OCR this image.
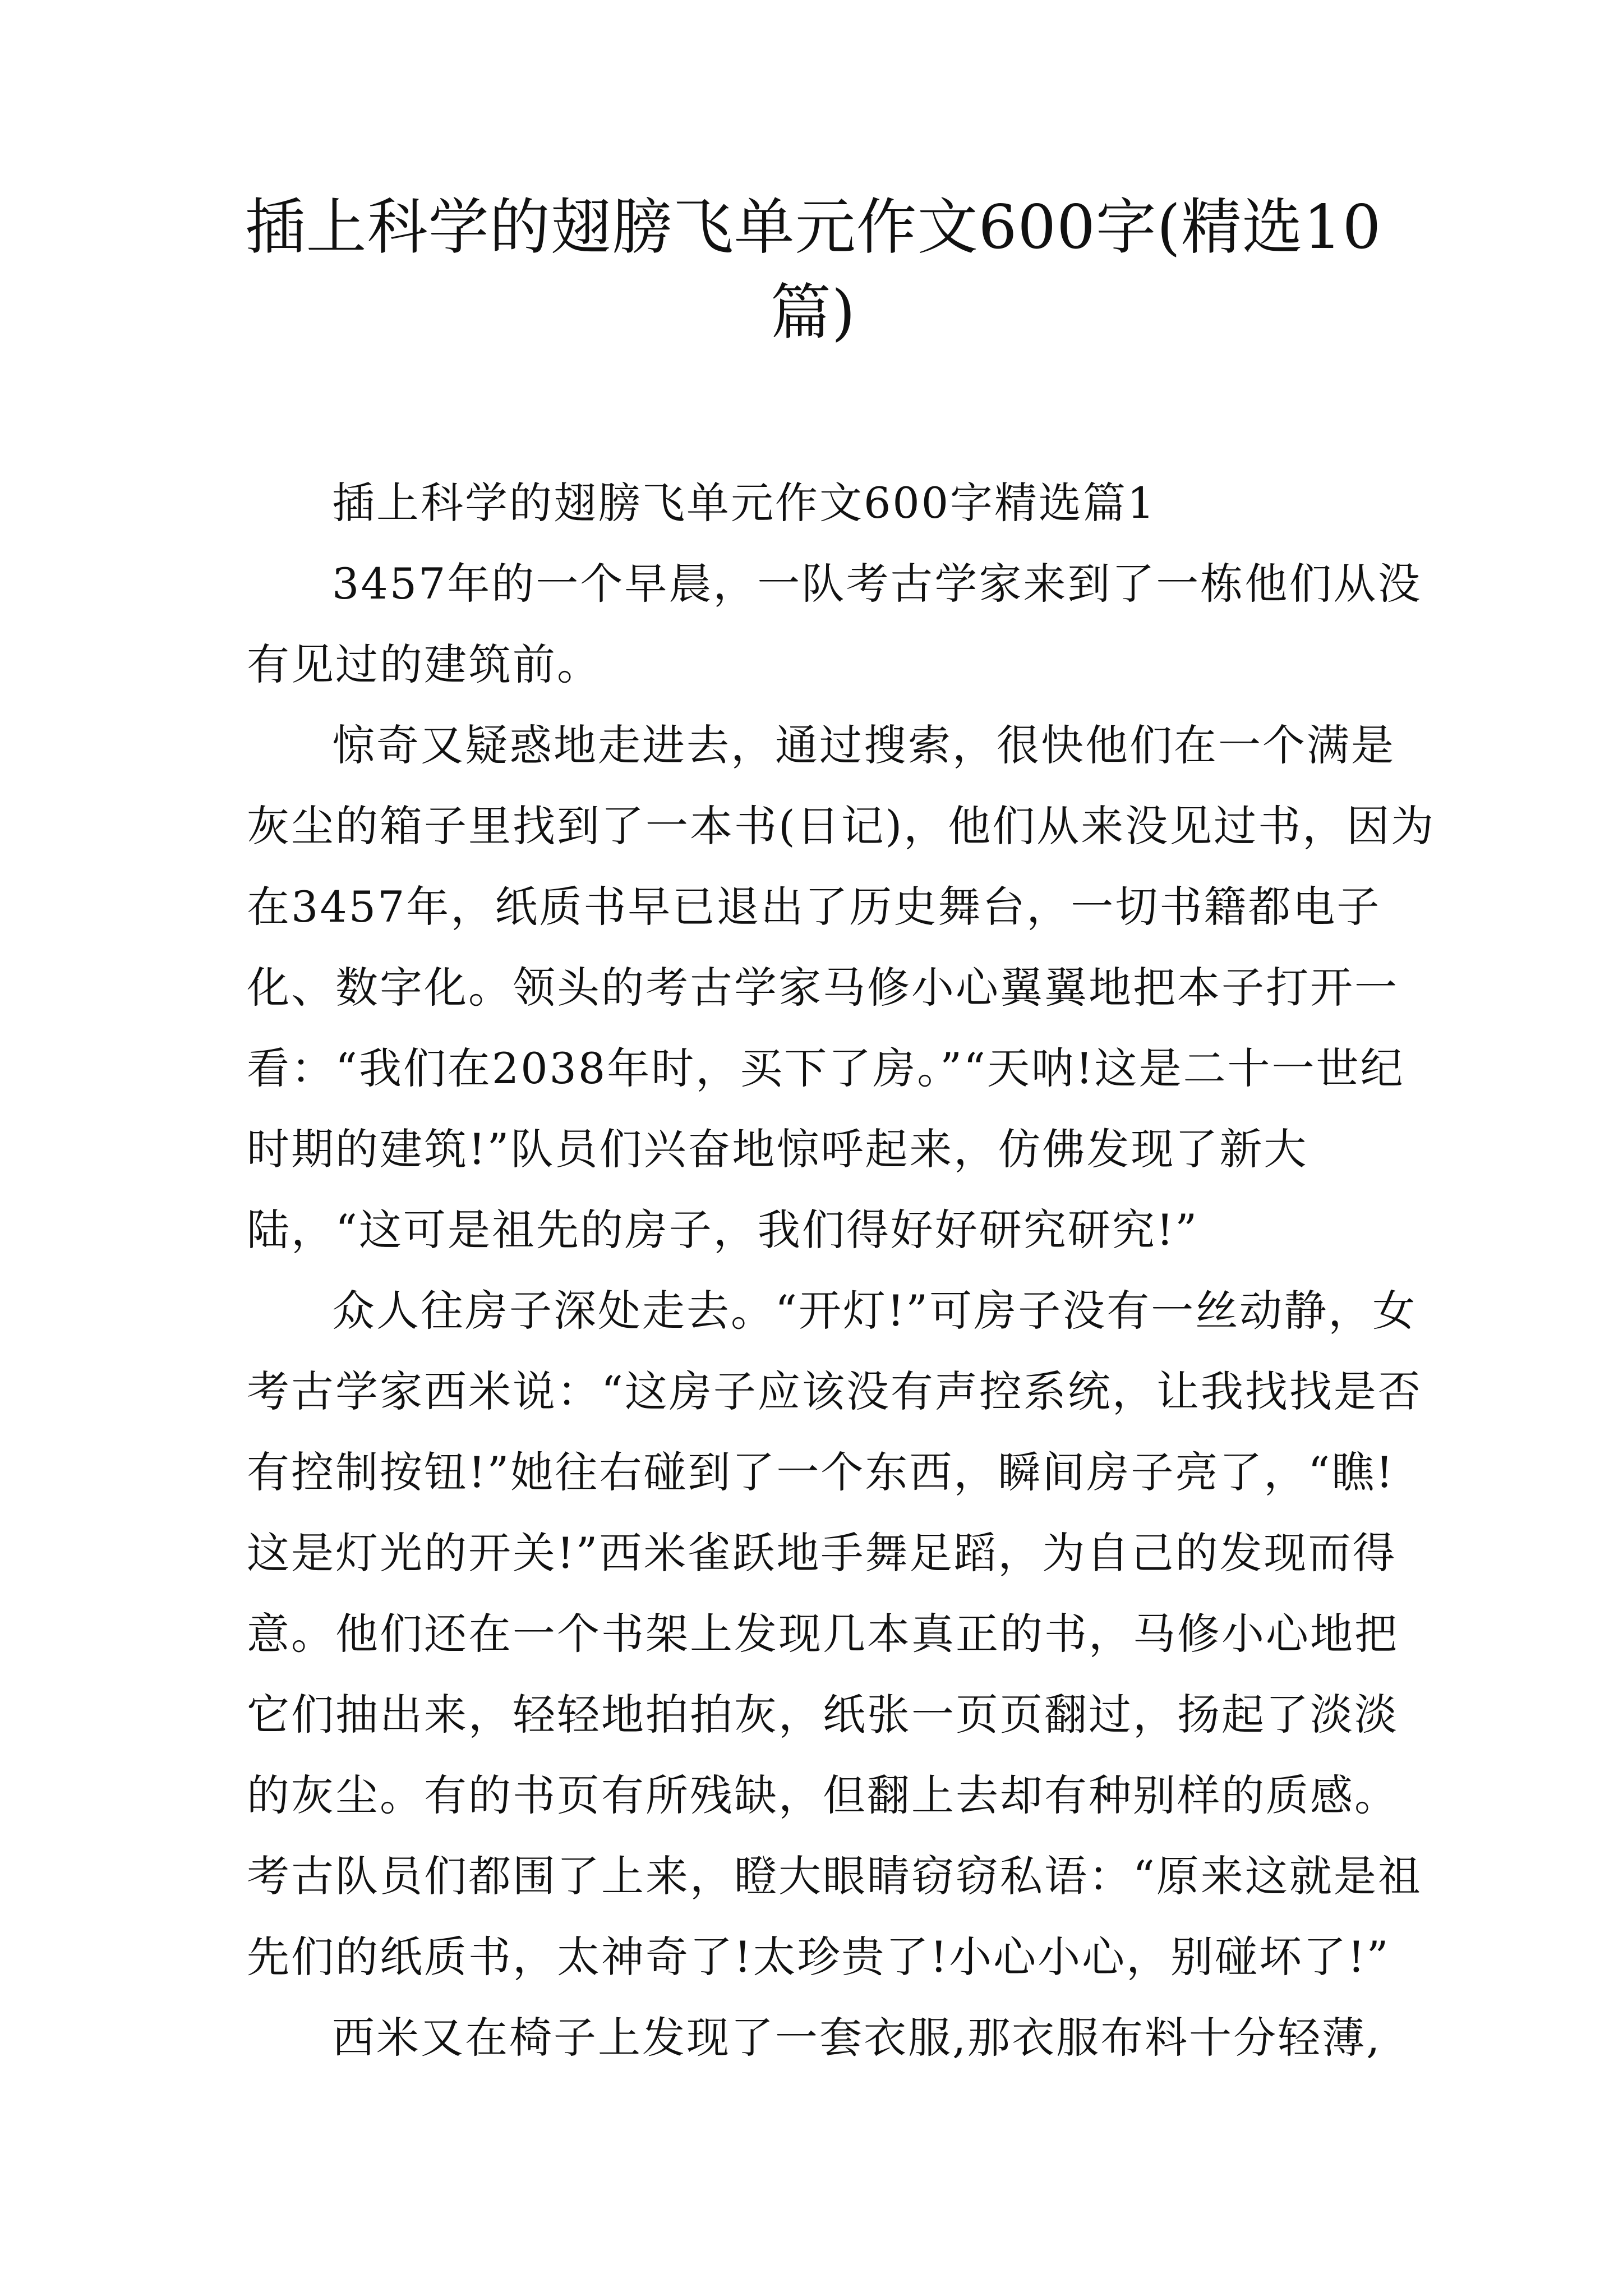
插上科学的翅膀飞单元作文600字(精选10篇)

插上科学的翅膀飞单元作文600字精选篇1

3457年的一个早晨，一队考古学家来到了一栋他们从没有见过的建筑前。

惊奇又疑惑地走进去，通过搜索，很快他们在一个满是灰尘的箱子里找到了一本书(日记)，他们从来没见过书，因为在3457年，纸质书早已退出了历史舞台，一切书籍都电子化、数字化。领头的考古学家马修小心翼翼地把本子打开一看：“我们在2038年时，买下了房。”“天呐!这是二十一世纪时期的建筑!”队员们兴奋地惊呼起来，仿佛发现了新大陆，“这可是祖先的房子，我们得好好研究研究!”

众人往房子深处走去。“开灯!”可房子没有一丝动静，女考古学家西米说：“这房子应该没有声控系统，让我找找是否有控制按钮!”她往右碰到了一个东西，瞬间房子亮了，“瞧!这是灯光的开关!”西米雀跃地手舞足蹈，为自己的发现而得意。他们还在一个书架上发现几本真正的书，马修小心地把它们抽出来，轻轻地拍拍灰，纸张一页页翻过，扬起了淡淡的灰尘。有的书页有所残缺，但翻上去却有种别样的质感。考古队员们都围了上来，瞪大眼睛窃窃私语：“原来这就是祖先们的纸质书，太神奇了!太珍贵了!小心小心，别碰坏了!”

西米又在椅子上发现了一套衣服,那衣服布料十分轻薄,
